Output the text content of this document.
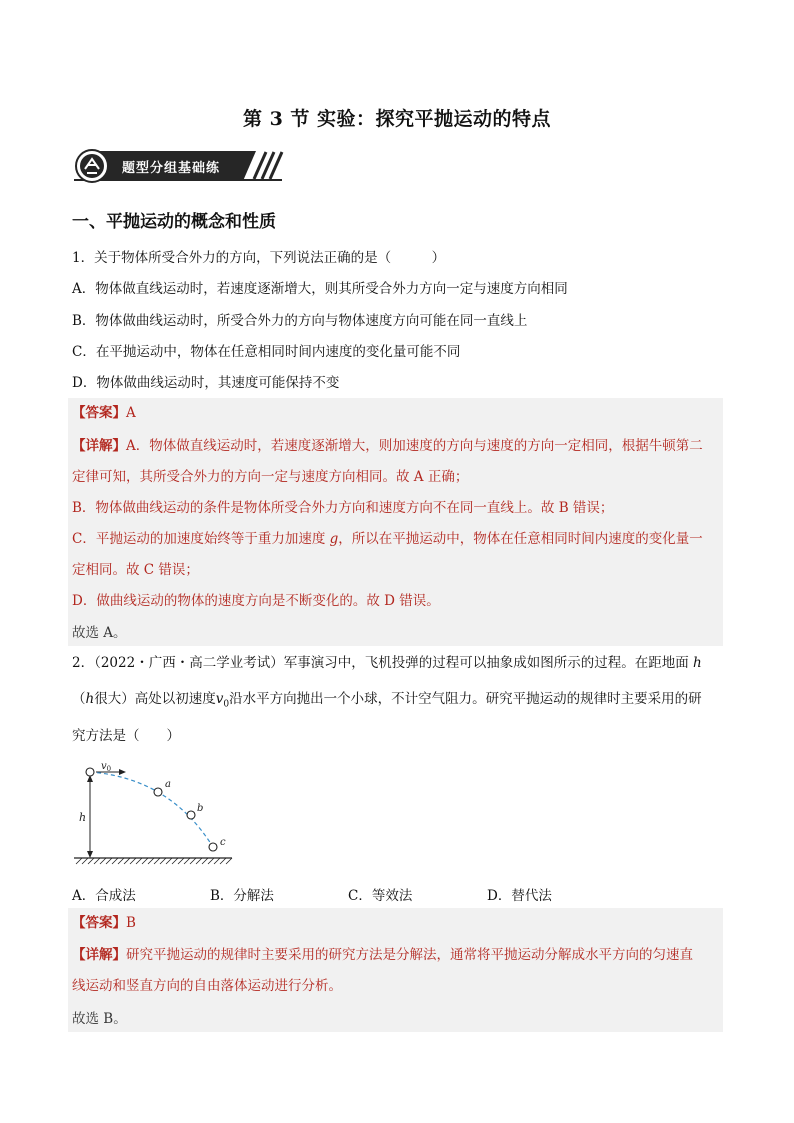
第 3 节 实验：探究平抛运动的特点
题型分组基础练
一、平抛运动的概念和性质
1．关于物体所受合外力的方向，下列说法正确的是（　　　）
A．物体做直线运动时，若速度逐渐增大，则其所受合外力方向一定与速度方向相同
B．物体做曲线运动时，所受合外力的方向与物体速度方向可能在同一直线上
C．在平抛运动中，物体在任意相同时间内速度的变化量可能不同
D．物体做曲线运动时，其速度可能保持不变
【答案】A
【详解】A．物体做直线运动时，若速度逐渐增大，则加速度的方向与速度的方向一定相同，根据牛顿第二
定律可知，其所受合外力的方向一定与速度方向相同。故 A 正确；
B．物体做曲线运动的条件是物体所受合外力方向和速度方向不在同一直线上。故 B 错误；
C．平抛运动的加速度始终等于重力加速度 g，所以在平抛运动中，物体在任意相同时间内速度的变化量一
定相同。故 C 错误；
D．做曲线运动的物体的速度方向是不断变化的。故 D 错误。
故选 A。
2．（2022・广西・高二学业考试）军事演习中，飞机投弹的过程可以抽象成如图所示的过程。在距地面 h
（h很大）高处以初速度$v_0$沿水平方向抛出一个小球，不计空气阻力。研究平抛运动的规律时主要采用的研
究方法是（　　）
h
$v_0$
a
b
c
A．合成法	B．分解法	C．等效法	D．替代法
【答案】B
【详解】研究平抛运动的规律时主要采用的研究方法是分解法，通常将平抛运动分解成水平方向的匀速直
线运动和竖直方向的自由落体运动进行分析。
故选 B。
